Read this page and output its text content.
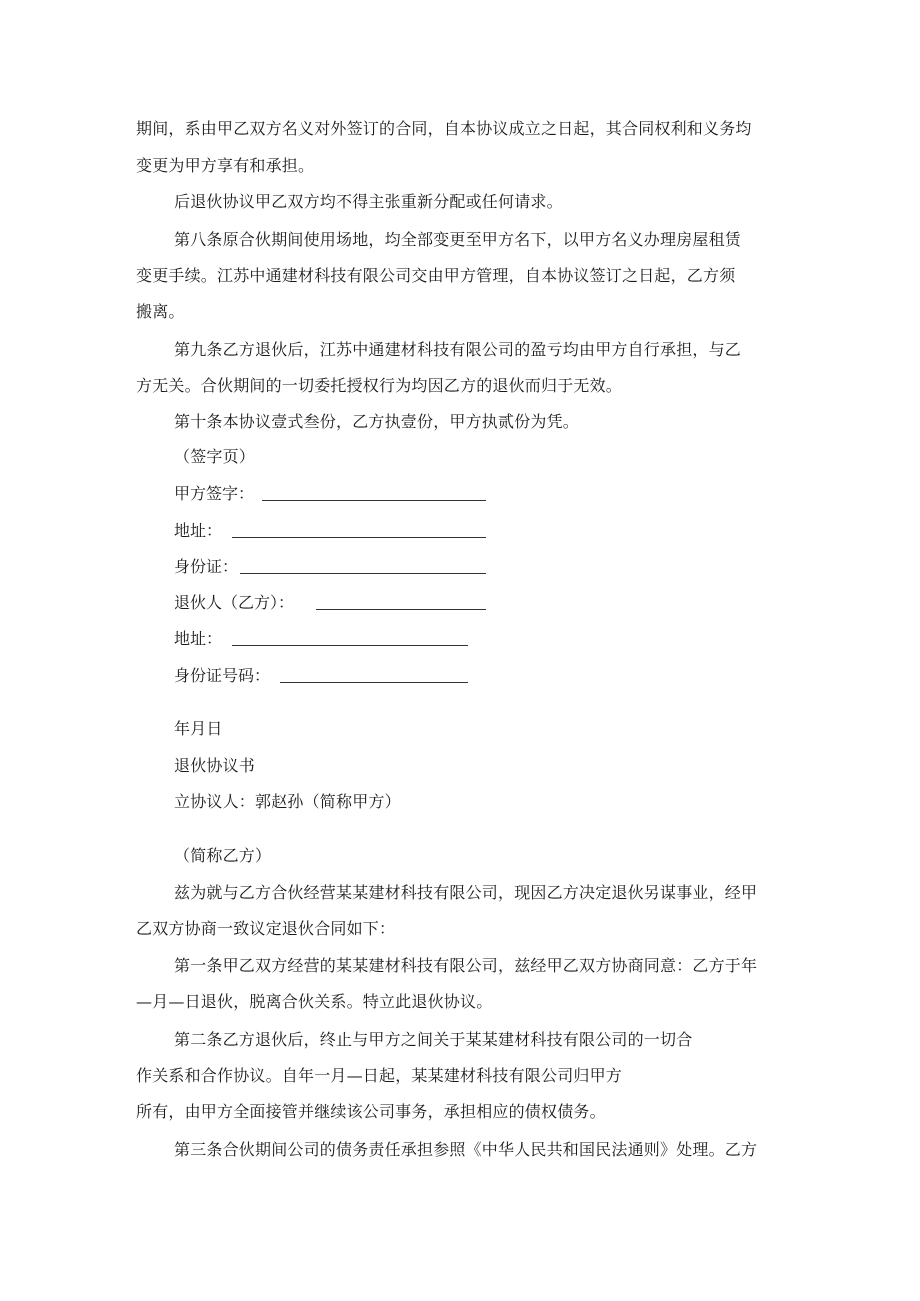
期间，系由甲乙双方名义对外签订的合同，自本协议成立之日起，其合同权利和义务均
变更为甲方享有和承担。
后退伙协议甲乙双方均不得主张重新分配或任何请求。
第八条原合伙期间使用场地，均全部变更至甲方名下，以甲方名义办理房屋租赁
变更手续。江苏中通建材科技有限公司交由甲方管理，自本协议签订之日起，乙方须
搬离。
第九条乙方退伙后，江苏中通建材科技有限公司的盈亏均由甲方自行承担，与乙
方无关。合伙期间的一切委托授权行为均因乙方的退伙而归于无效。
第十条本协议壹式叁份，乙方执壹份，甲方执贰份为凭。
（签字页）
甲方签字：
地址：
身份证：
退伙人（乙方）：
地址：
身份证号码：
年月日
退伙协议书
立协议人：郭赵孙（简称甲方）
（简称乙方）
兹为就与乙方合伙经营某某建材科技有限公司，现因乙方决定退伙另谋事业，经甲
乙双方协商一致议定退伙合同如下：
第一条甲乙双方经营的某某建材科技有限公司，兹经甲乙双方协商同意：乙方于年
—月—日退伙，脱离合伙关系。特立此退伙协议。
第二条乙方退伙后，终止与甲方之间关于某某建材科技有限公司的一切合
作关系和合作协议。自年一月—日起，某某建材科技有限公司归甲方
所有，由甲方全面接管并继续该公司事务，承担相应的债权债务。
第三条合伙期间公司的债务责任承担参照《中华人民共和国民法通则》处理。乙方
